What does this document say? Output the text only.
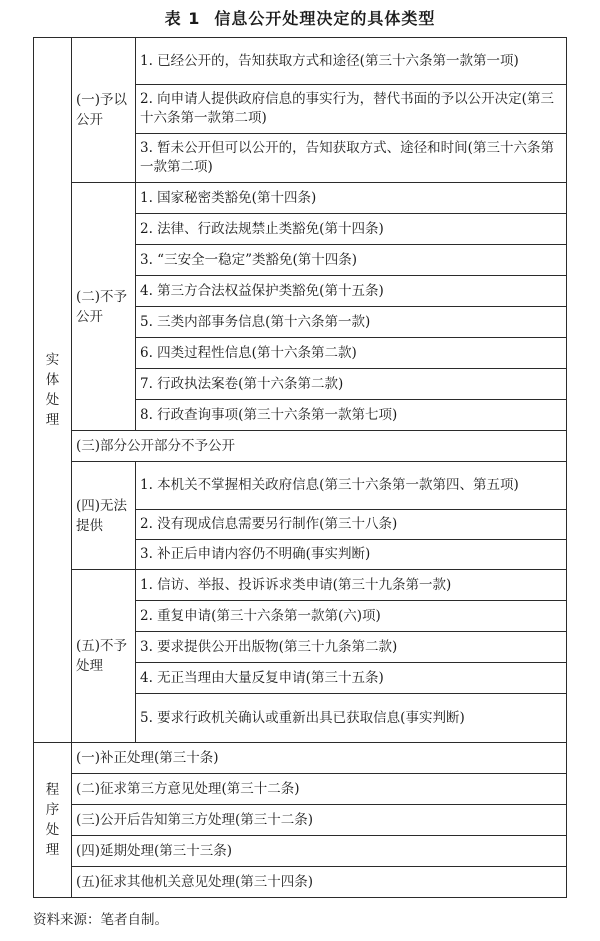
表 1 信息公开处理决定的具体类型
实
体
处
理	(一)予以公开	1. 已经公开的，告知获取方式和途径(第三十六条第一款第一项)
		2. 向申请人提供政府信息的事实行为，替代书面的予以公开决定(第三十六条第一款第二项)
		3. 暂未公开但可以公开的，告知获取方式、途径和时间(第三十六条第一款第二项)
	(二)不予公开	1. 国家秘密类豁免(第十四条)
		2. 法律、行政法规禁止类豁免(第十四条)
		3. “三安全一稳定”类豁免(第十四条)
		4. 第三方合法权益保护类豁免(第十五条)
		5. 三类内部事务信息(第十六条第一款)
		6. 四类过程性信息(第十六条第二款)
		7. 行政执法案卷(第十六条第二款)
		8. 行政查询事项(第三十六条第一款第七项)
	(三)部分公开部分不予公开	
	(四)无法提供	1. 本机关不掌握相关政府信息(第三十六条第一款第四、第五项)
		2. 没有现成信息需要另行制作(第三十八条)
		3. 补正后申请内容仍不明确(事实判断)
	(五)不予处理	1. 信访、举报、投诉诉求类申请(第三十九条第一款)
		2. 重复申请(第三十六条第一款第(六)项)
		3. 要求提供公开出版物(第三十九条第二款)
		4. 无正当理由大量反复申请(第三十五条)
		5. 要求行政机关确认或重新出具已获取信息(事实判断)

程
序
处
理	(一)补正处理(第三十条)	
	(二)征求第三方意见处理(第三十二条)	
	(三)公开后告知第三方处理(第三十二条)	
	(四)延期处理(第三十三条)	
	(五)征求其他机关意见处理(第三十四条)	
资料来源：笔者自制。
